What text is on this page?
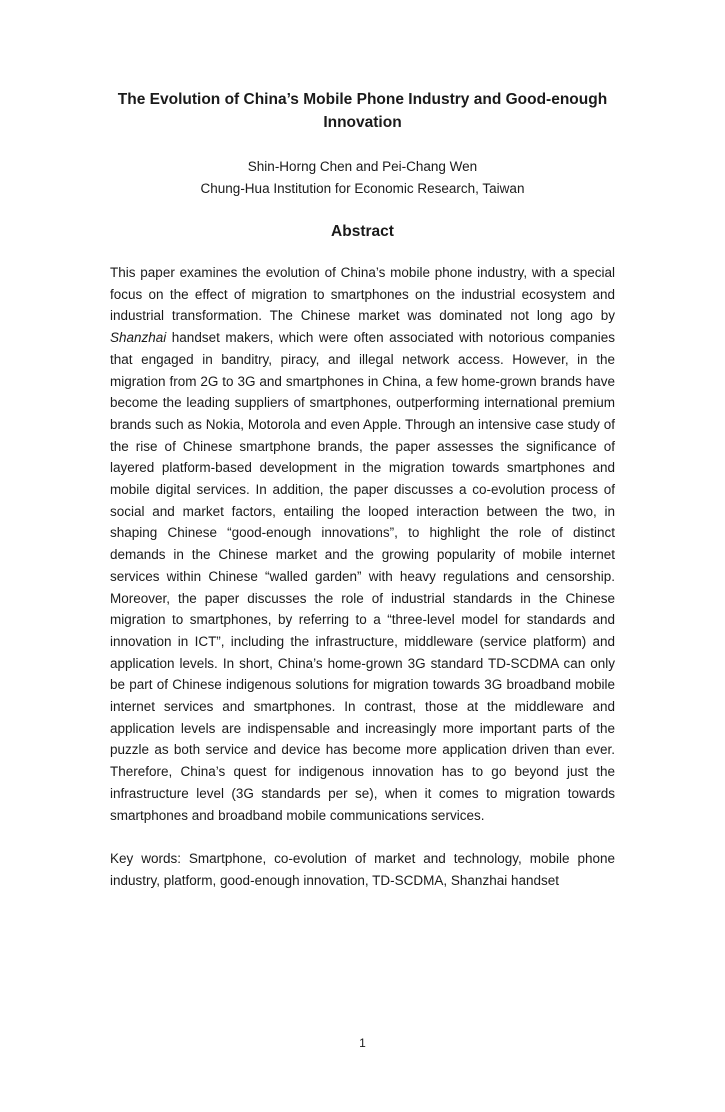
The Evolution of China’s Mobile Phone Industry and Good-enough Innovation
Shin-Horng Chen and Pei-Chang Wen
Chung-Hua Institution for Economic Research, Taiwan
Abstract
This paper examines the evolution of China’s mobile phone industry, with a special focus on the effect of migration to smartphones on the industrial ecosystem and industrial transformation. The Chinese market was dominated not long ago by Shanzhai handset makers, which were often associated with notorious companies that engaged in banditry, piracy, and illegal network access. However, in the migration from 2G to 3G and smartphones in China, a few home-grown brands have become the leading suppliers of smartphones, outperforming international premium brands such as Nokia, Motorola and even Apple. Through an intensive case study of the rise of Chinese smartphone brands, the paper assesses the significance of layered platform-based development in the migration towards smartphones and mobile digital services. In addition, the paper discusses a co-evolution process of social and market factors, entailing the looped interaction between the two, in shaping Chinese “good-enough innovations”, to highlight the role of distinct demands in the Chinese market and the growing popularity of mobile internet services within Chinese “walled garden” with heavy regulations and censorship. Moreover, the paper discusses the role of industrial standards in the Chinese migration to smartphones, by referring to a “three-level model for standards and innovation in ICT”, including the infrastructure, middleware (service platform) and application levels. In short, China’s home-grown 3G standard TD-SCDMA can only be part of Chinese indigenous solutions for migration towards 3G broadband mobile internet services and smartphones. In contrast, those at the middleware and application levels are indispensable and increasingly more important parts of the puzzle as both service and device has become more application driven than ever. Therefore, China’s quest for indigenous innovation has to go beyond just the infrastructure level (3G standards per se), when it comes to migration towards smartphones and broadband mobile communications services.
Key words: Smartphone, co-evolution of market and technology, mobile phone industry, platform, good-enough innovation, TD-SCDMA, Shanzhai handset
1
